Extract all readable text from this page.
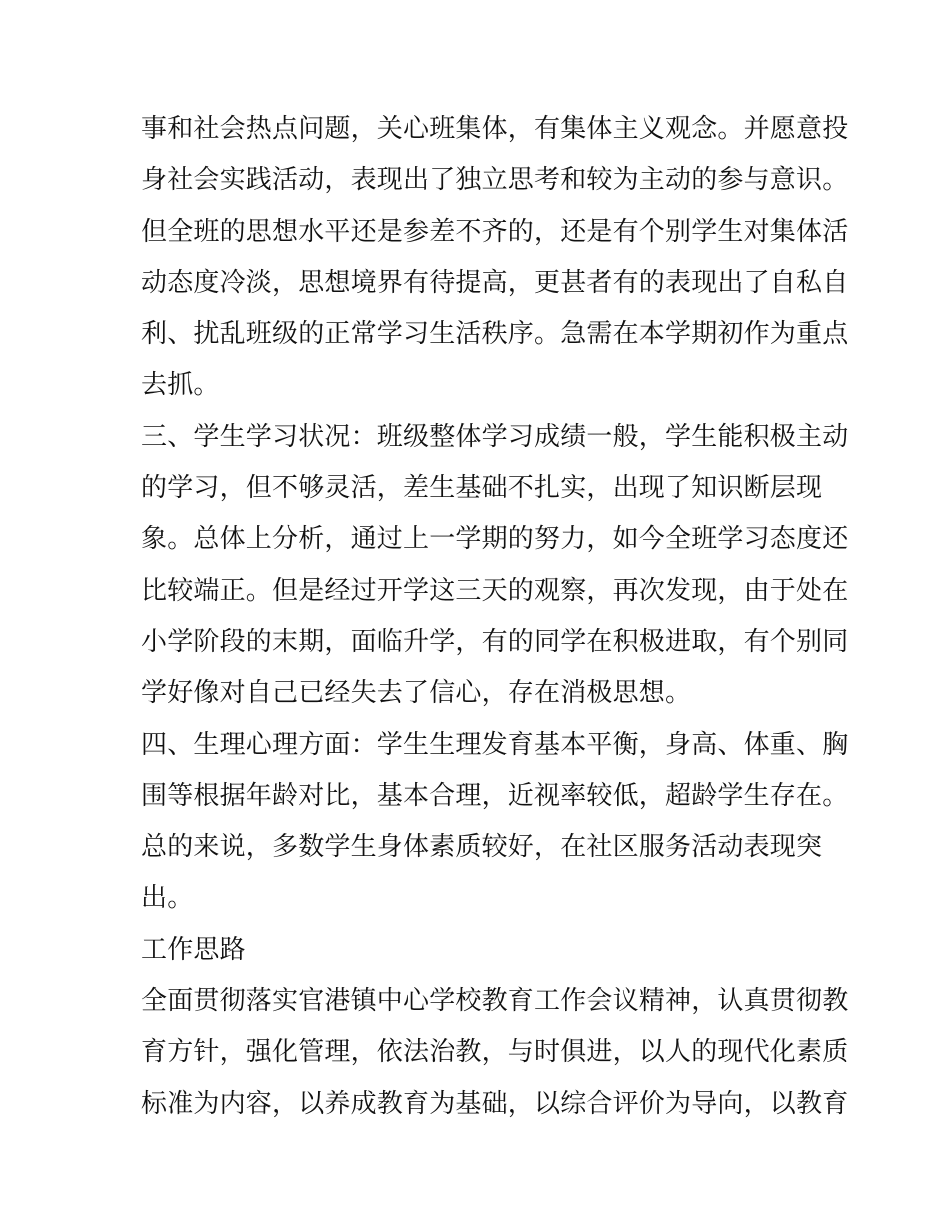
事和社会热点问题，关心班集体，有集体主义观念。并愿意投
身社会实践活动，表现出了独立思考和较为主动的参与意识。
但全班的思想水平还是参差不齐的，还是有个别学生对集体活
动态度冷淡，思想境界有待提高，更甚者有的表现出了自私自
利、扰乱班级的正常学习生活秩序。急需在本学期初作为重点
去抓。
三、学生学习状况：班级整体学习成绩一般，学生能积极主动
的学习，但不够灵活，差生基础不扎实，出现了知识断层现
象。总体上分析，通过上一学期的努力，如今全班学习态度还
比较端正。但是经过开学这三天的观察，再次发现，由于处在
小学阶段的末期，面临升学，有的同学在积极进取，有个别同
学好像对自己已经失去了信心，存在消极思想。
四、生理心理方面：学生生理发育基本平衡，身高、体重、胸
围等根据年龄对比，基本合理，近视率较低，超龄学生存在。
总的来说，多数学生身体素质较好，在社区服务活动表现突
出。
工作思路
全面贯彻落实官港镇中心学校教育工作会议精神，认真贯彻教
育方针，强化管理，依法治教，与时俱进，以人的现代化素质
标准为内容，以养成教育为基础，以综合评价为导向，以教育
